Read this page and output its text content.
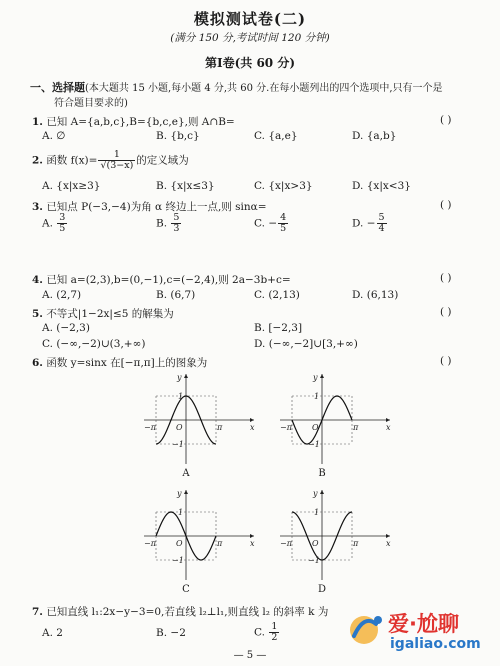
模拟测试卷(二)
(满分 150 分,考试时间 120 分钟)
第Ⅰ卷(共 60 分)
一、选择题(本大题共 15 小题,每小题 4 分,共 60 分.在每小题列出的四个选项中,只有一个是
符合题目要求的)
1. 已知 A={a,b,c},B={b,c,e},则 A∩B=	( )
A. ∅	B. {b,c}	C. {a,e}	D. {a,b}
2. 函数 $f(x)= \frac{1}{√(3-x)}$ 的定义域为
A. {x|x≥3}	B. {x|x≤3}	C. {x|x>3}	D. {x|x<3}
3. 已知点 P(−3,−4)为角 α 终边上一点,则 sinα=	( )
A. $\frac{3}{5}$	B. $\frac{5}{3}$	C. − $\frac{4}{5}$	D. − $\frac{5}{4}$
4. 已知 a=(2,3),b=(0,−1),c=(−2,4),则 2a−3b+c=	( )
A. (2,7)	B. (6,7)	C. (2,13)	D. (6,13)
5. 不等式|1−2x|≤5 的解集为	( )
A. (−2,3)	B. [−2,3]
C. (−∞,−2)∪(3,+∞)	D. (−∞,−2]∪[3,+∞)
6. 函数 y=sinx 在[−π,π]上的图象为	( )
y
x
O
−π	π
1
−1
A
y
x
O
−π	π
1
−1
B
y
x
O
−π	π
1
−1
C
y
x
O
−π	π
1
−1
D
7. 已知直线 l₁:2x−y−3=0,若直线 l₂⊥l₁,则直线 l₂ 的斜率 k 为
A. 2	B. −2	C. $\frac{1}{2}$	爱·尬聊
igaliao.com
— 5 —
